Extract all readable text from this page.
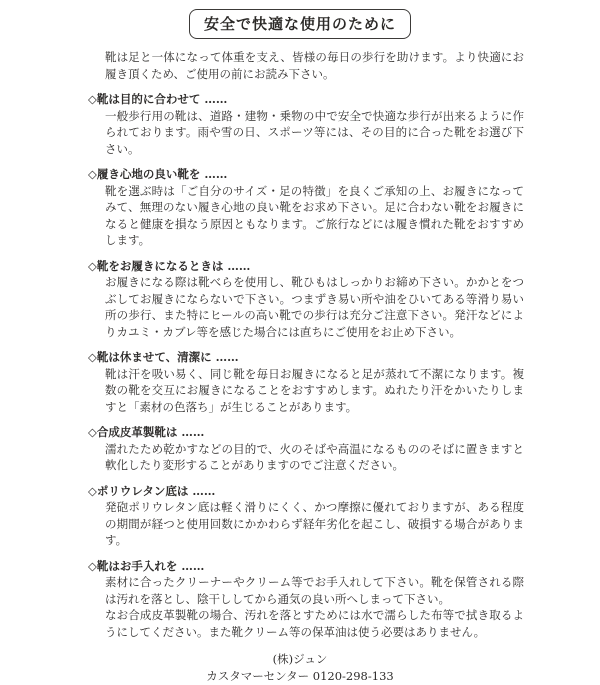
安全で快適な使用のために
靴は足と一体になって体重を支え、皆様の毎日の歩行を助けます。より快適にお履き頂くため、ご使用の前にお読み下さい。
◇靴は目的に合わせて ……
一般歩行用の靴は、道路・建物・乗物の中で安全で快適な歩行が出来るように作られております。雨や雪の日、スポーツ等には、その目的に合った靴をお選び下さい。
◇履き心地の良い靴を ……
靴を選ぶ時は「ご自分のサイズ・足の特徴」を良くご承知の上、お履きになってみて、無理のない履き心地の良い靴をお求め下さい。足に合わない靴をお履きになると健康を損なう原因ともなります。ご旅行などには履き慣れた靴をおすすめします。
◇靴をお履きになるときは ……
お履きになる際は靴べらを使用し、靴ひもはしっかりお締め下さい。かかとをつぶしてお履きにならないで下さい。つまずき易い所や油をひいてある等滑り易い所の歩行、また特にヒールの高い靴での歩行は充分ご注意下さい。発汗などによりカユミ・カブレ等を感じた場合には直ちにご使用をお止め下さい。
◇靴は休ませて、清潔に ……
靴は汗を吸い易く、同じ靴を毎日お履きになると足が蒸れて不潔になります。複数の靴を交互にお履きになることをおすすめします。ぬれたり汗をかいたりしますと「素材の色落ち」が生じることがあります。
◇合成皮革製靴は ……
濡れたため乾かすなどの目的で、火のそばや高温になるもののそばに置きますと軟化したり変形することがありますのでご注意ください。
◇ポリウレタン底は ……
発砲ポリウレタン底は軽く滑りにくく、かつ摩擦に優れておりますが、ある程度の期間が経つと使用回数にかかわらず経年劣化を起こし、破損する場合があります。
◇靴はお手入れを ……
素材に合ったクリーナーやクリーム等でお手入れして下さい。靴を保管される際は汚れを落とし、陰干ししてから通気の良い所へしまって下さい。
なお合成皮革製靴の場合、汚れを落とすためには水で濡らした布等で拭き取るようにしてください。また靴クリーム等の保革油は使う必要はありません。
(株)ジュン
カスタマーセンター 0120-298-133
